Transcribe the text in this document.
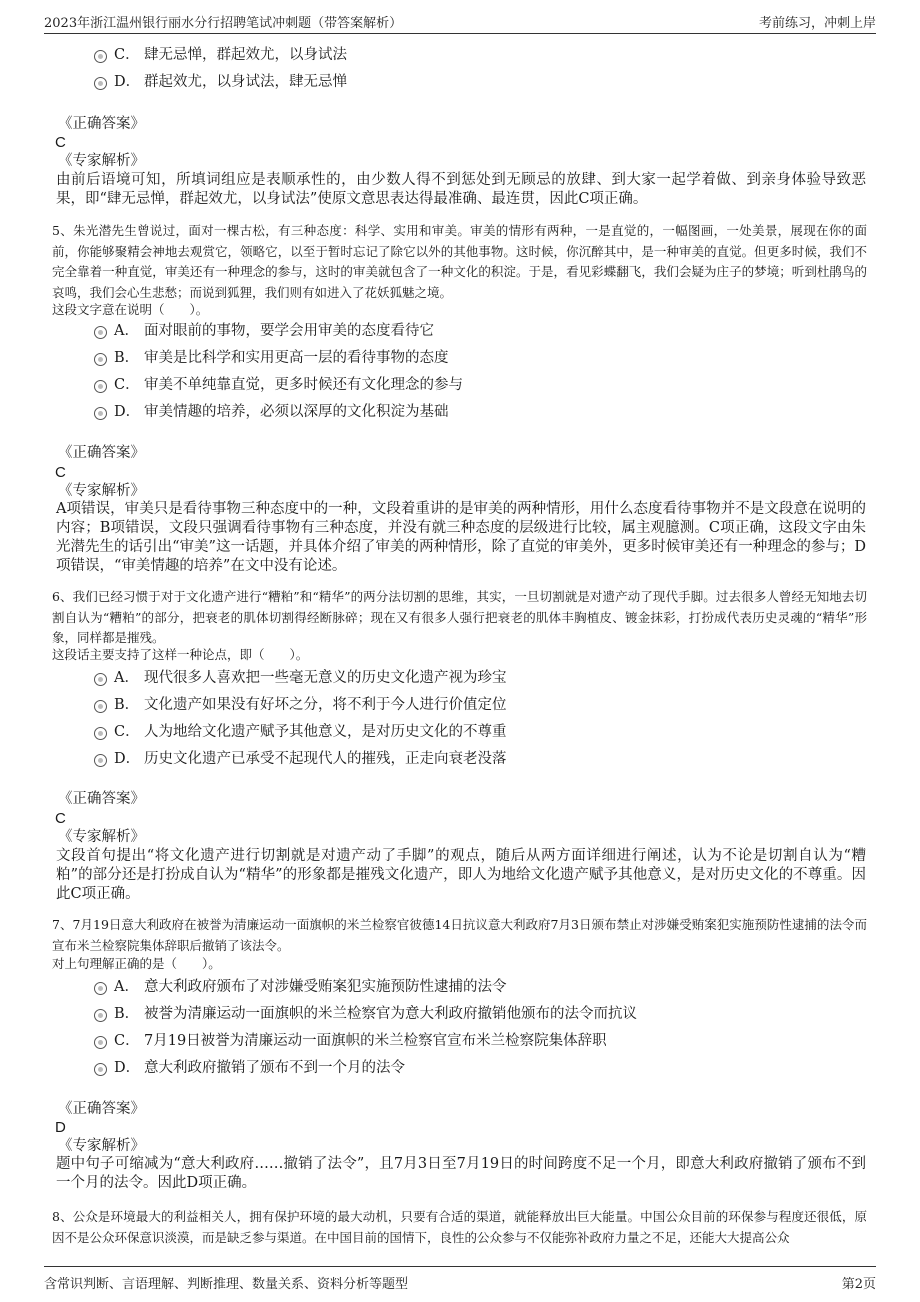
2023年浙江温州银行丽水分行招聘笔试冲刺题（带答案解析）	考前练习，冲刺上岸
C． 肆无忌惮，群起效尤，以身试法
D． 群起效尤，以身试法，肆无忌惮
《正确答案》
C
《专家解析》
由前后语境可知，所填词组应是表顺承性的，由少数人得不到惩处到无顾忌的放肆、到大家一起学着做、到亲身体验导致恶果，即“肆无忌惮，群起效尤，以身试法”使原文意思表达得最准确、最连贯，因此C项正确。
5、朱光潜先生曾说过，面对一棵古松，有三种态度：科学、实用和审美。审美的情形有两种，一是直觉的，一幅图画，一处美景，展现在你的面前，你能够聚精会神地去观赏它，领略它，以至于暂时忘记了除它以外的其他事物。这时候，你沉醉其中，是一种审美的直觉。但更多时候，我们不完全靠着一种直觉，审美还有一种理念的参与，这时的审美就包含了一种文化的积淀。于是，看见彩蝶翻飞，我们会疑为庄子的梦境；听到杜鹃鸟的哀鸣，我们会心生悲愁；而说到狐狸，我们则有如进入了花妖狐魅之境。
这段文字意在说明（　　）。
A． 面对眼前的事物，要学会用审美的态度看待它
B． 审美是比科学和实用更高一层的看待事物的态度
C． 审美不单纯靠直觉，更多时候还有文化理念的参与
D． 审美情趣的培养，必须以深厚的文化积淀为基础
《正确答案》
C
《专家解析》
A项错误，审美只是看待事物三种态度中的一种，文段着重讲的是审美的两种情形，用什么态度看待事物并不是文段意在说明的内容；B项错误，文段只强调看待事物有三种态度，并没有就三种态度的层级进行比较，属主观臆测。C项正确，这段文字由朱光潜先生的话引出“审美”这一话题，并具体介绍了审美的两种情形，除了直觉的审美外，更多时候审美还有一种理念的参与；D项错误，“审美情趣的培养”在文中没有论述。
6、我们已经习惯于对于文化遗产进行“糟粕”和“精华”的两分法切割的思维，其实，一旦切割就是对遗产动了现代手脚。过去很多人曾经无知地去切割自认为“糟粕”的部分，把衰老的肌体切割得经断脉碎；现在又有很多人强行把衰老的肌体丰胸植皮、镀金抹彩，打扮成代表历史灵魂的“精华”形象，同样都是摧残。
这段话主要支持了这样一种论点，即（　　）。
A． 现代很多人喜欢把一些毫无意义的历史文化遗产视为珍宝
B． 文化遗产如果没有好坏之分，将不利于今人进行价值定位
C． 人为地给文化遗产赋予其他意义，是对历史文化的不尊重
D． 历史文化遗产已承受不起现代人的摧残，正走向衰老没落
《正确答案》
C
《专家解析》
文段首句提出“将文化遗产进行切割就是对遗产动了手脚”的观点，随后从两方面详细进行阐述，认为不论是切割自认为“糟粕”的部分还是打扮成自认为“精华”的形象都是摧残文化遗产，即人为地给文化遗产赋予其他意义，是对历史文化的不尊重。因此C项正确。
7、7月19日意大利政府在被誉为清廉运动一面旗帜的米兰检察官彼德14日抗议意大利政府7月3日颁布禁止对涉嫌受贿案犯实施预防性逮捕的法令而宣布米兰检察院集体辞职后撤销了该法令。
对上句理解正确的是（　　）。
A． 意大利政府颁布了对涉嫌受贿案犯实施预防性逮捕的法令
B． 被誉为清廉运动一面旗帜的米兰检察官为意大利政府撤销他颁布的法令而抗议
C． 7月19日被誉为清廉运动一面旗帜的米兰检察官宣布米兰检察院集体辞职
D． 意大利政府撤销了颁布不到一个月的法令
《正确答案》
D
《专家解析》
题中句子可缩减为“意大利政府……撤销了法令”，且7月3日至7月19日的时间跨度不足一个月，即意大利政府撤销了颁布不到一个月的法令。因此D项正确。
8、公众是环境最大的利益相关人，拥有保护环境的最大动机，只要有合适的渠道，就能释放出巨大能量。中国公众目前的环保参与程度还很低，原因不是公众环保意识淡漠，而是缺乏参与渠道。在中国目前的国情下，良性的公众参与不仅能弥补政府力量之不足，还能大大提高公众
含常识判断、言语理解、判断推理、数量关系、资料分析等题型	第2页
